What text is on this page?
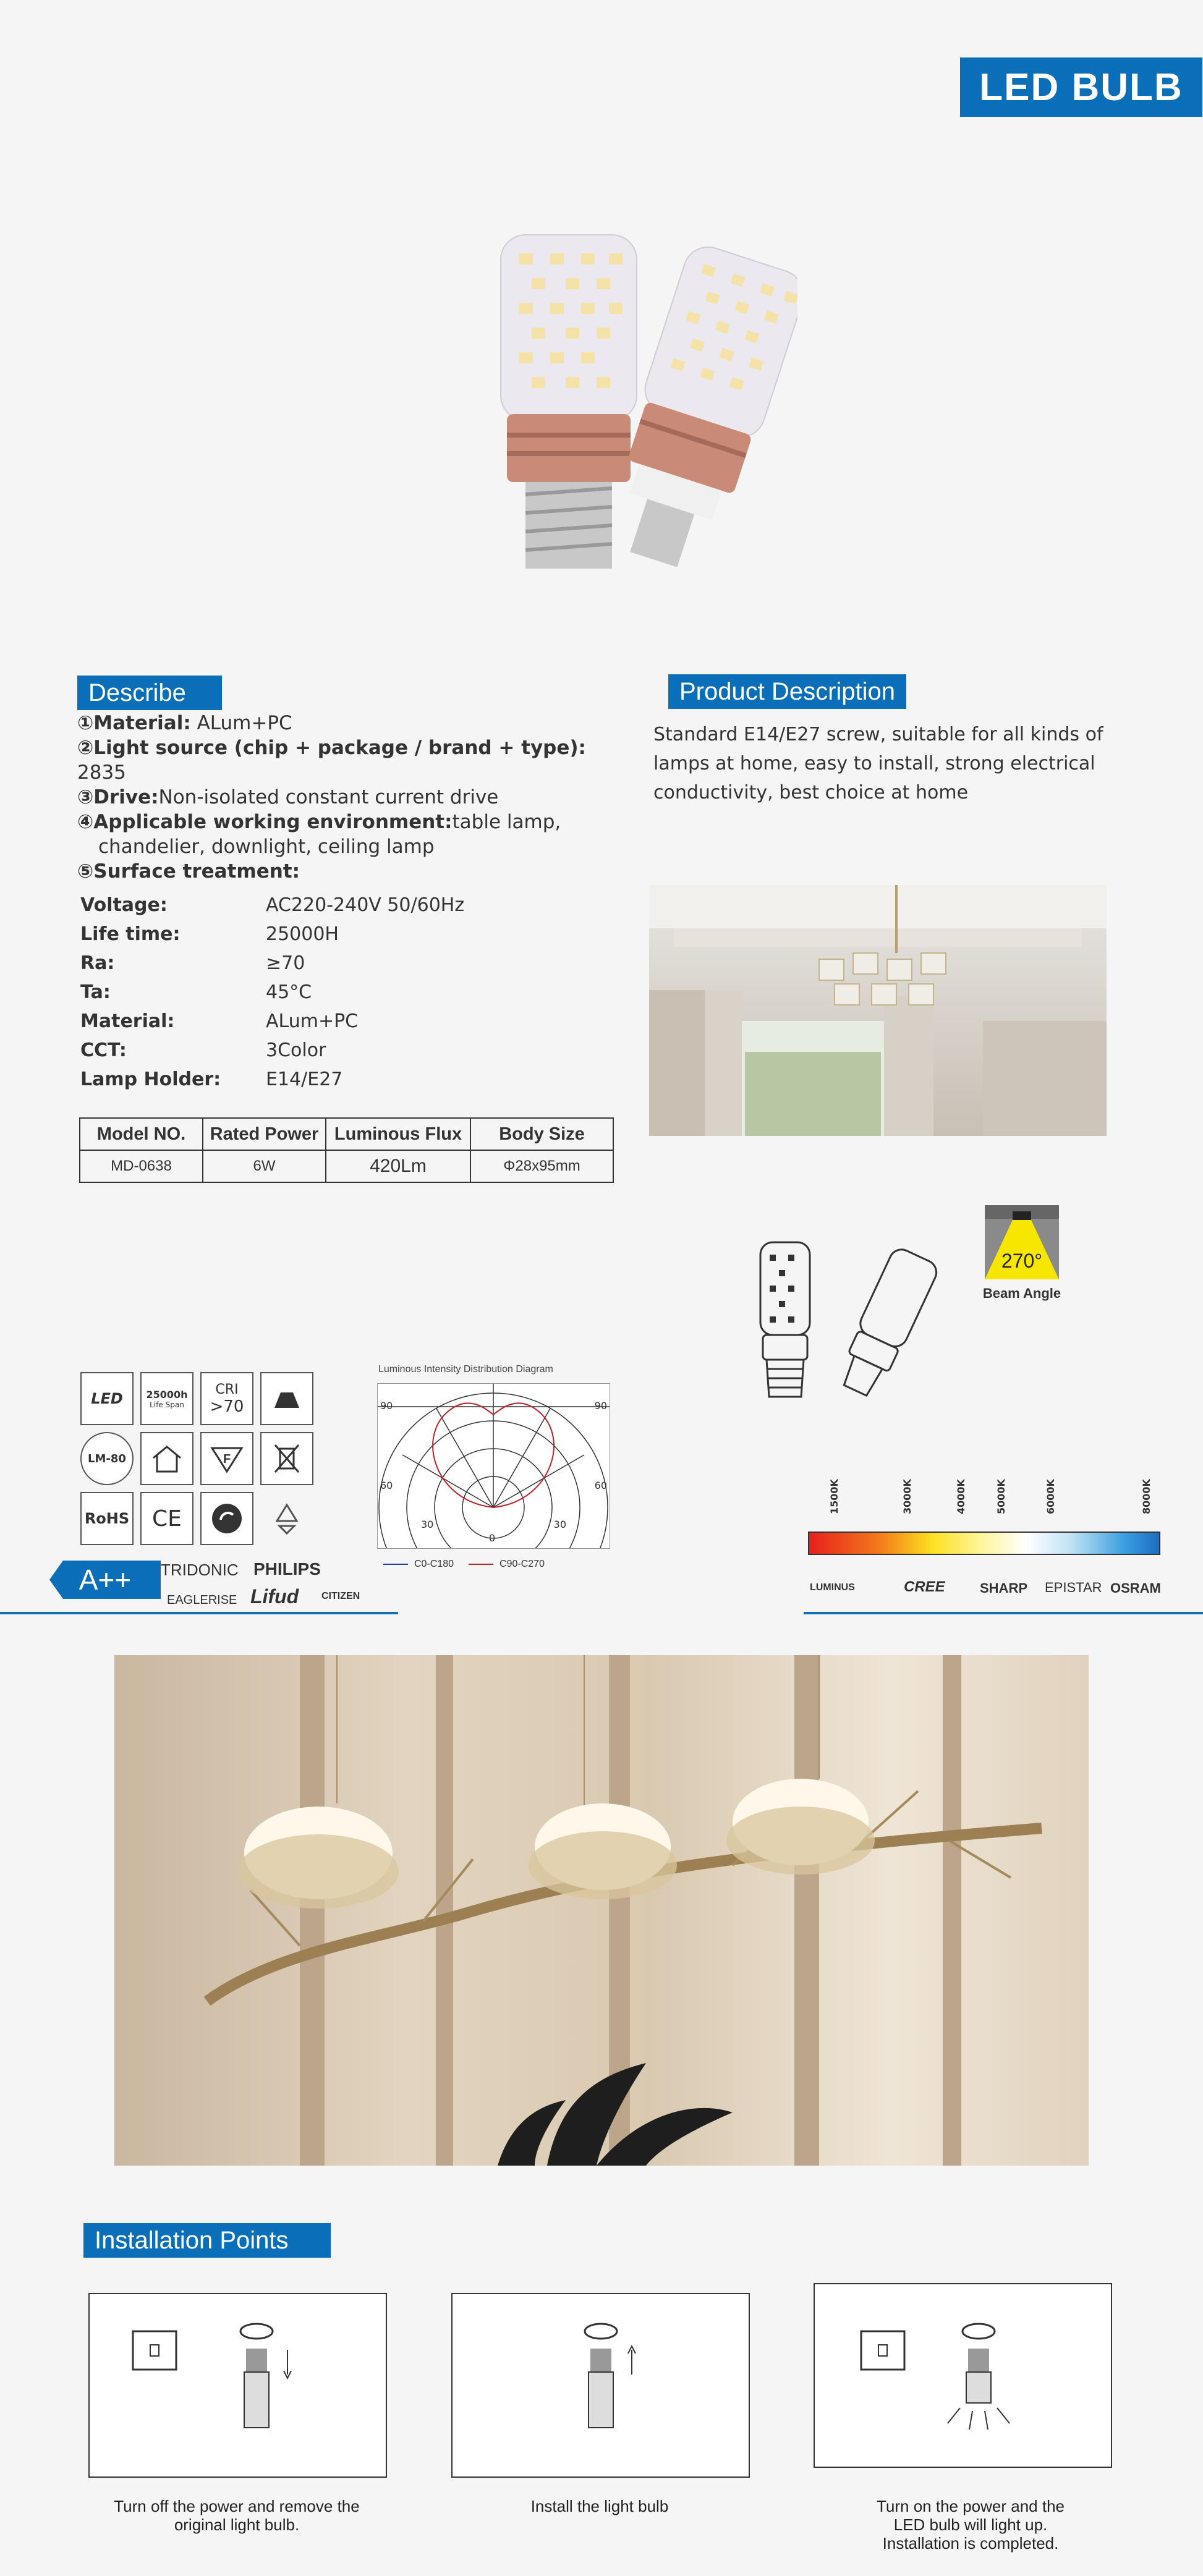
LED BULB
Describe
①Material: ALum+PC
②Light source (chip + package / brand + type): 2835
③Drive:Non-isolated constant current drive
④Applicable working environment:table lamp,
chandelier, downlight, ceiling lamp
⑤Surface treatment:
Voltage:	AC220-240V 50/60Hz
Life time:	25000H
Ra:	≥70
Ta:	45°C
Material:	ALum+PC
CCT:	3Color
Lamp Holder:	E14/E27
Model NO.	Rated Power	Luminous Flux	Body Size
MD-0638	6W	420Lm	Φ28x95mm
Product Description
Standard E14/E27 screw, suitable for all kinds of lamps at home, easy to install, strong electrical conductivity, best choice at home
270°
Beam Angle
LED	25000h
Life Span
CRI
>70
LM-80	F
RoHS	CE
A++	TRIDONIC PHILIPS
EAGLERISE Lifud CITIZEN
Luminous Intensity Distribution Diagram
90	90
60	60
30	30
0
C0-C180	C90-C270
1500K	3000K	4000K	5000K	6000K	8000K
LUMINUS	CREE	SHARP EPISTAR OSRAM
Installation Points
Turn off the power and remove the original light bulb.
Install the light bulb	Turn on the power and the LED bulb will light up. Installation is completed.
